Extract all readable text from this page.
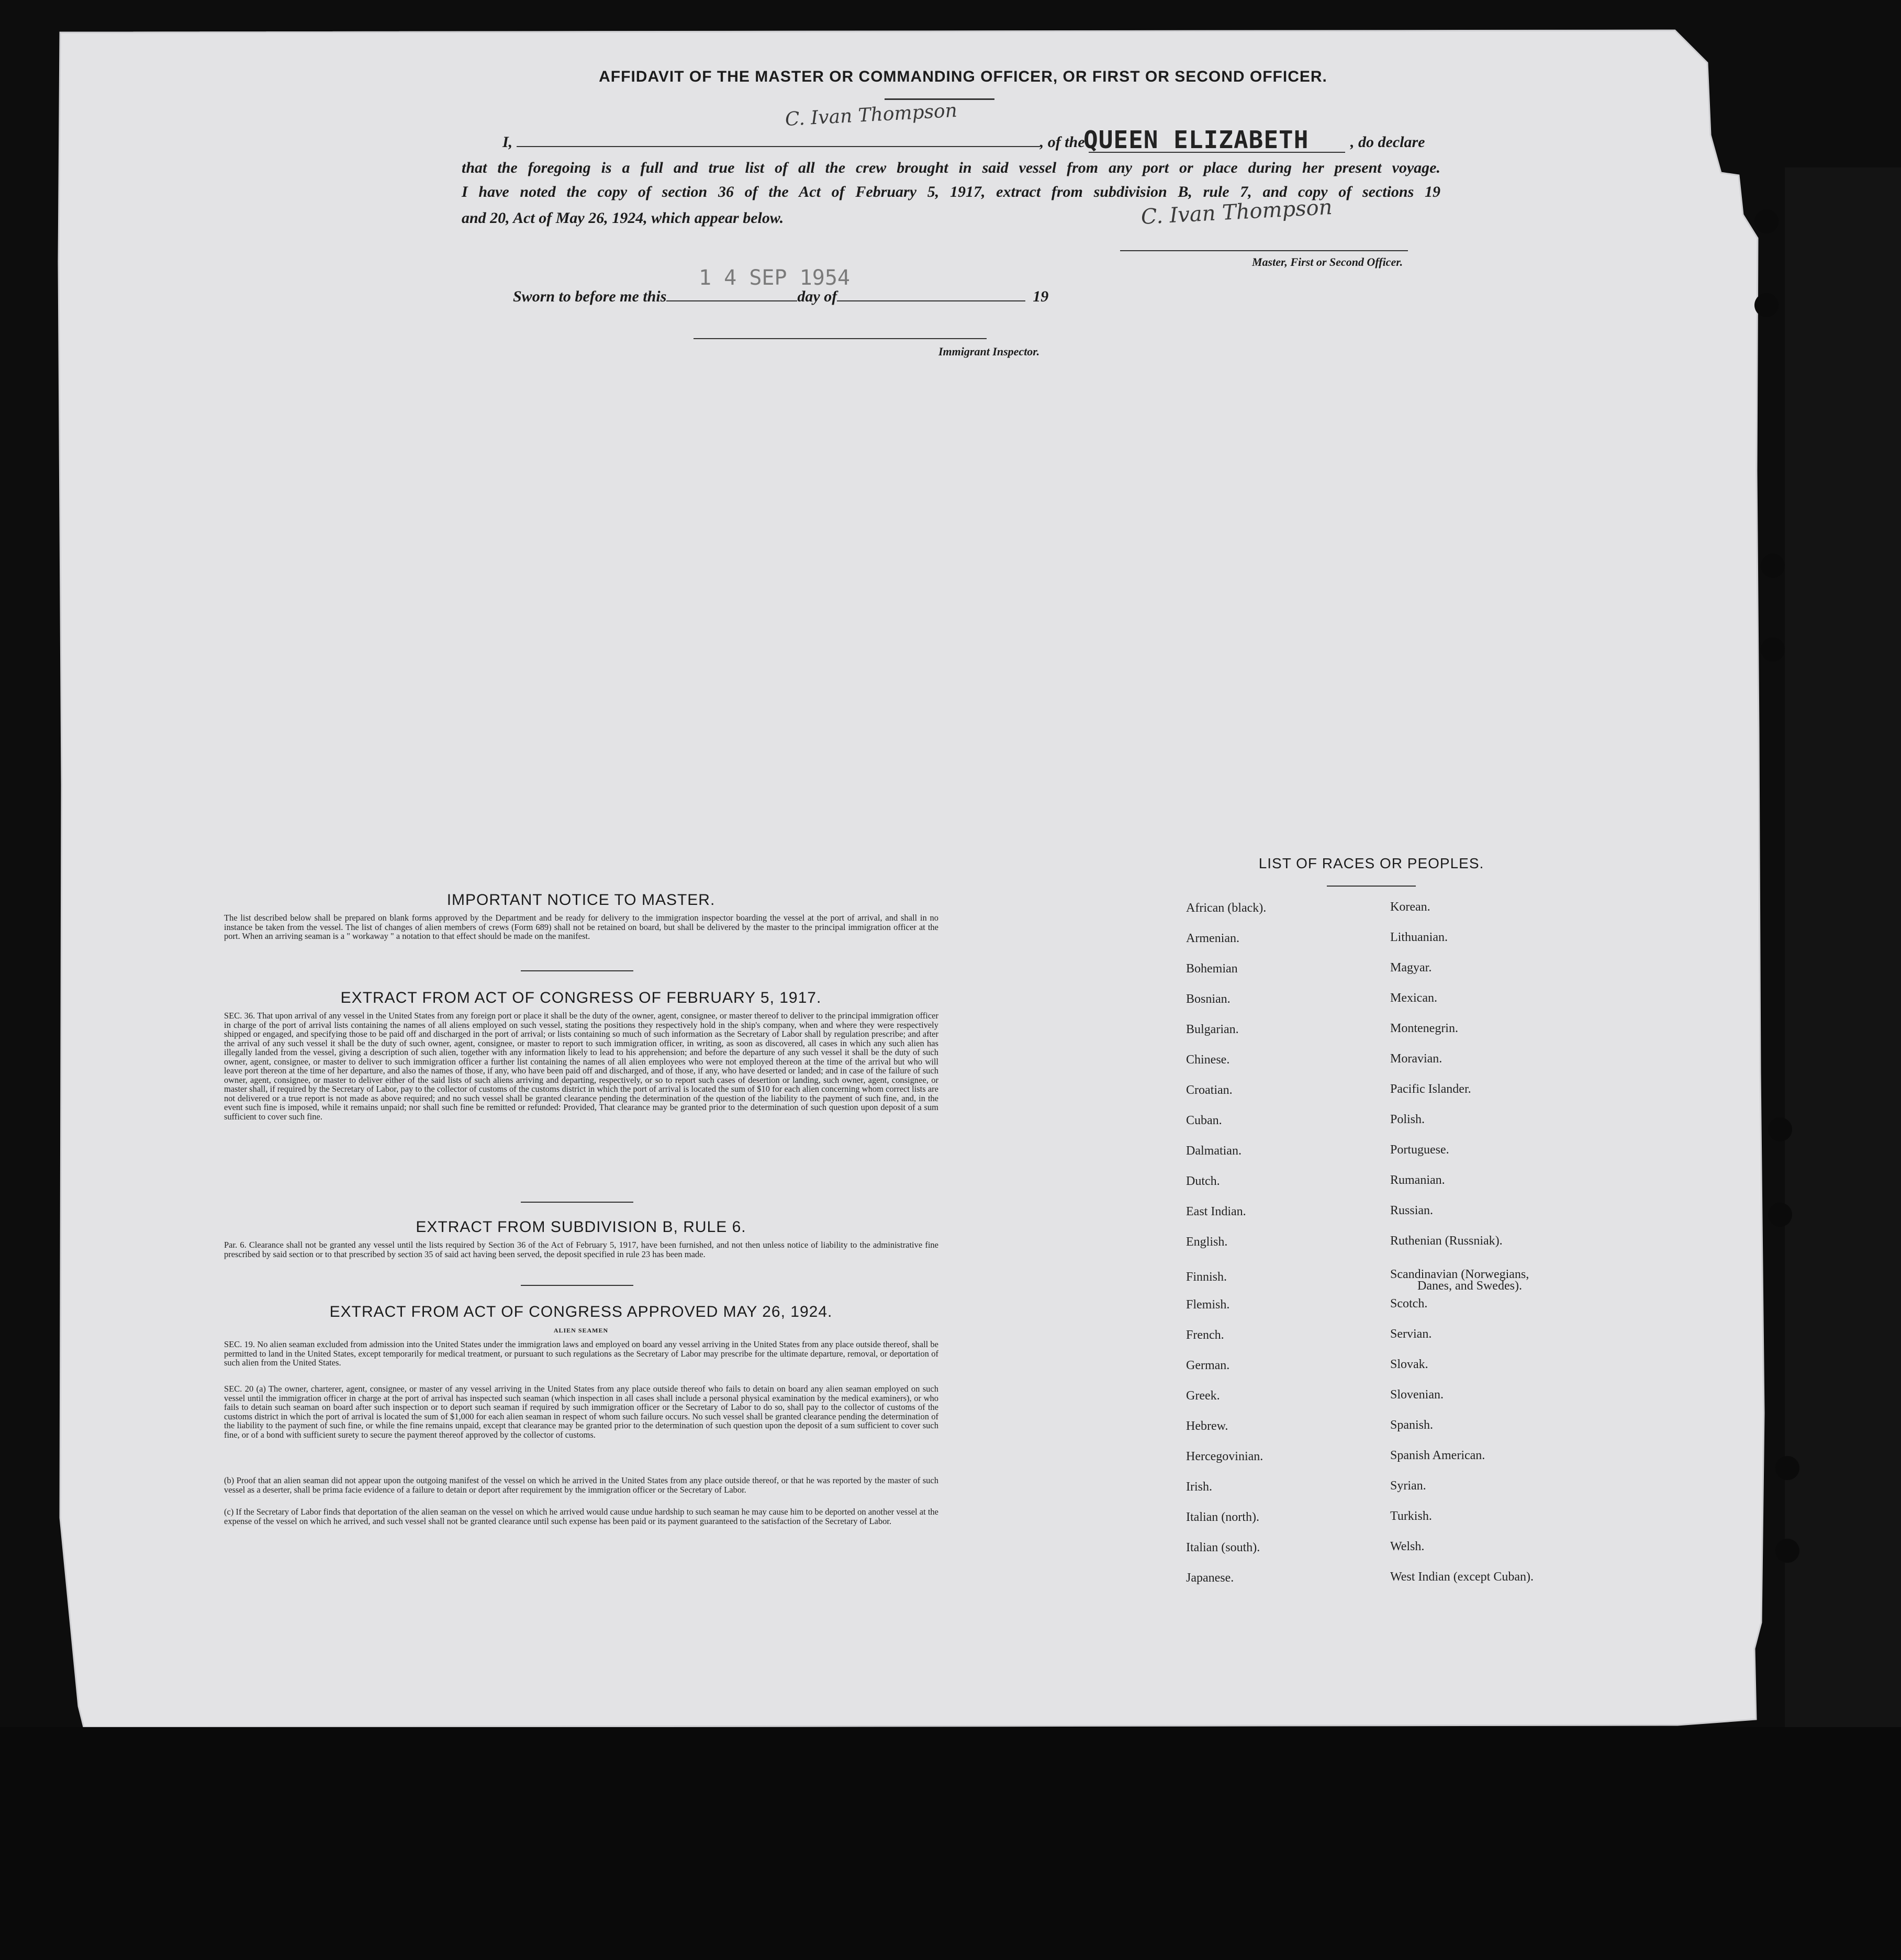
AFFIDAVIT OF THE MASTER OR COMMANDING OFFICER, OR FIRST OR SECOND OFFICER.
I,	, of the
C. Ivan Thompson
QUEEN ELIZABETH	, do declare
that the foregoing is a full and true list of all the crew brought in said vessel from any port or place during her present voyage.
I have noted the copy of section 36 of the Act of February 5, 1917, extract from subdivision B, rule 7, and copy of sections 19
and 20, Act of May 26, 1924, which appear below.	C. Ivan Thompson
Master, First or Second Officer.
Sworn to before me this	day of	19
1 4 SEP 1954
Immigrant Inspector.
IMPORTANT NOTICE TO MASTER.
The list described below shall be prepared on blank forms approved by the Department and be ready for delivery to the immigration inspector boarding the vessel at the port of arrival, and shall in no instance be taken from the vessel. The list of changes of alien members of crews (Form 689) shall not be retained on board, but shall be delivered by the master to the principal immigration officer at the port. When an arriving seaman is a " workaway " a notation to that effect should be made on the manifest.
EXTRACT FROM ACT OF CONGRESS OF FEBRUARY 5, 1917.
SEC. 36. That upon arrival of any vessel in the United States from any foreign port or place it shall be the duty of the owner, agent, consignee, or master thereof to deliver to the principal immigration officer in charge of the port of arrival lists containing the names of all aliens employed on such vessel, stating the positions they respectively hold in the ship's company, when and where they were respectively shipped or engaged, and specifying those to be paid off and discharged in the port of arrival; or lists containing so much of such information as the Secretary of Labor shall by regulation prescribe; and after the arrival of any such vessel it shall be the duty of such owner, agent, consignee, or master to report to such immigration officer, in writing, as soon as discovered, all cases in which any such alien has illegally landed from the vessel, giving a description of such alien, together with any information likely to lead to his apprehension; and before the departure of any such vessel it shall be the duty of such owner, agent, consignee, or master to deliver to such immigration officer a further list containing the names of all alien employees who were not employed thereon at the time of the arrival but who will leave port thereon at the time of her departure, and also the names of those, if any, who have been paid off and discharged, and of those, if any, who have deserted or landed; and in case of the failure of such owner, agent, consignee, or master to deliver either of the said lists of such aliens arriving and departing, respectively, or so to report such cases of desertion or landing, such owner, agent, consignee, or master shall, if required by the Secretary of Labor, pay to the collector of customs of the customs district in which the port of arrival is located the sum of $10 for each alien concerning whom correct lists are not delivered or a true report is not made as above required; and no such vessel shall be granted clearance pending the determination of the question of the liability to the payment of such fine, and, in the event such fine is imposed, while it remains unpaid; nor shall such fine be remitted or refunded: Provided, That clearance may be granted prior to the determination of such question upon deposit of a sum sufficient to cover such fine.
EXTRACT FROM SUBDIVISION B, RULE 6.
Par. 6. Clearance shall not be granted any vessel until the lists required by Section 36 of the Act of February 5, 1917, have been furnished, and not then unless notice of liability to the administrative fine prescribed by said section or to that prescribed by section 35 of said act having been served, the deposit specified in rule 23 has been made.
EXTRACT FROM ACT OF CONGRESS APPROVED MAY 26, 1924.
ALIEN SEAMEN
SEC. 19. No alien seaman excluded from admission into the United States under the immigration laws and employed on board any vessel arriving in the United States from any place outside thereof, shall be permitted to land in the United States, except temporarily for medical treatment, or pursuant to such regulations as the Secretary of Labor may prescribe for the ultimate departure, removal, or deportation of such alien from the United States.
SEC. 20 (a) The owner, charterer, agent, consignee, or master of any vessel arriving in the United States from any place outside thereof who fails to detain on board any alien seaman employed on such vessel until the immigration officer in charge at the port of arrival has inspected such seaman (which inspection in all cases shall include a personal physical examination by the medical examiners), or who fails to detain such seaman on board after such inspection or to deport such seaman if required by such immigration officer or the Secretary of Labor to do so, shall pay to the collector of customs of the customs district in which the port of arrival is located the sum of $1,000 for each alien seaman in respect of whom such failure occurs. No such vessel shall be granted clearance pending the determination of the liability to the payment of such fine, or while the fine remains unpaid, except that clearance may be granted prior to the determination of such question upon the deposit of a sum sufficient to cover such fine, or of a bond with sufficient surety to secure the payment thereof approved by the collector of customs.
(b) Proof that an alien seaman did not appear upon the outgoing manifest of the vessel on which he arrived in the United States from any place outside thereof, or that he was reported by the master of such vessel as a deserter, shall be prima facie evidence of a failure to detain or deport after requirement by the immigration officer or the Secretary of Labor.
(c) If the Secretary of Labor finds that deportation of the alien seaman on the vessel on which he arrived would cause undue hardship to such seaman he may cause him to be deported on another vessel at the expense of the vessel on which he arrived, and such vessel shall not be granted clearance until such expense has been paid or its payment guaranteed to the satisfaction of the Secretary of Labor.
LIST OF RACES OR PEOPLES.
African (black).
Armenian.
Bohemian
Bosnian.
Bulgarian.
Chinese.
Croatian.
Cuban.
Dalmatian.
Dutch.
East Indian.
English.
Finnish.
Flemish.
French.
German.
Greek.
Hebrew.
Hercegovinian.
Irish.
Italian (north).
Italian (south).
Japanese.
Korean.
Lithuanian.
Magyar.
Mexican.
Montenegrin.
Moravian.
Pacific Islander.
Polish.
Portuguese.
Rumanian.
Russian.
Ruthenian (Russniak).
Scandinavian (Norwegians,
Danes, and Swedes).
Scotch.
Servian.
Slovak.
Slovenian.
Spanish.
Spanish American.
Syrian.
Turkish.
Welsh.
West Indian (except Cuban).
